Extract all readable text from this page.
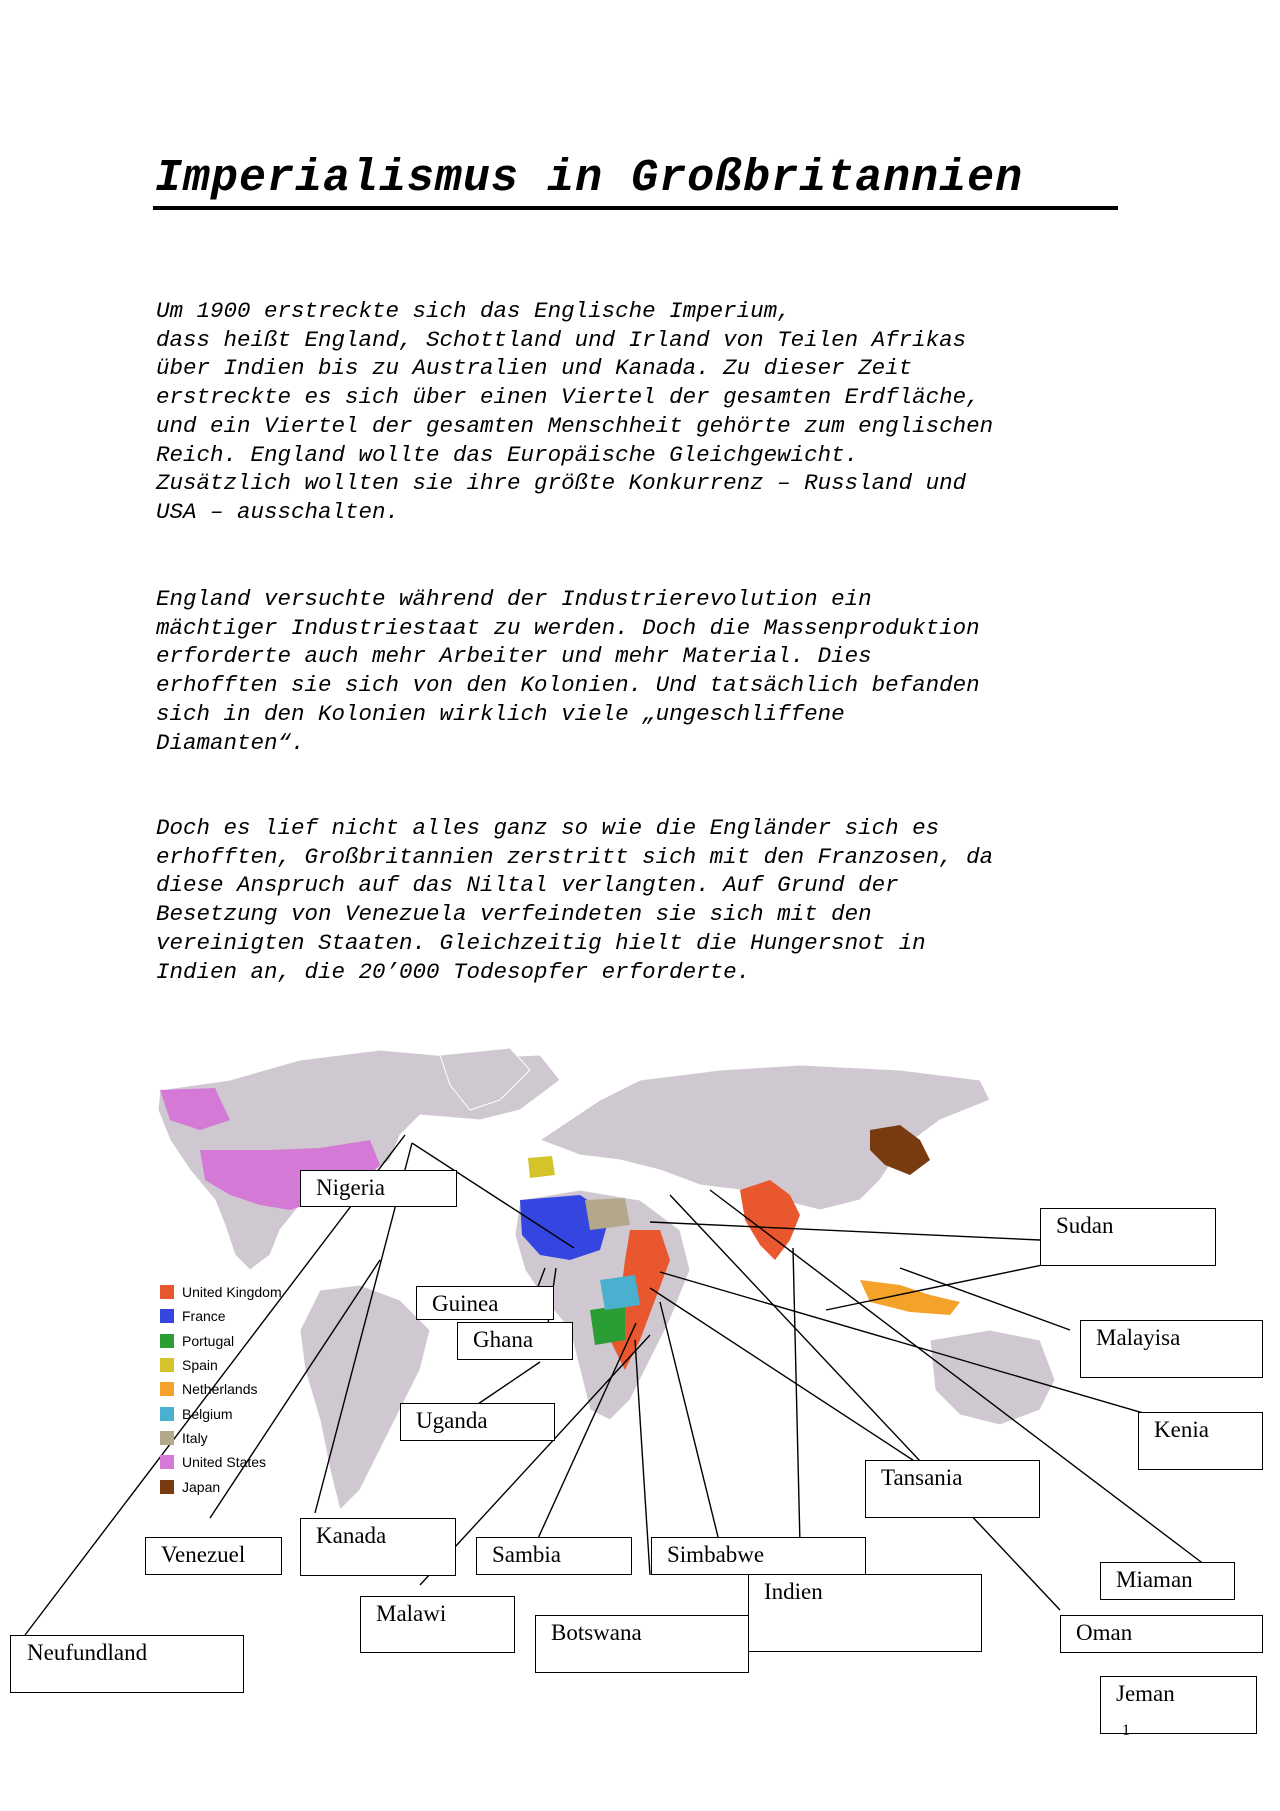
Imperialismus in Großbritannien
Um 1900 erstreckte sich das Englische Imperium,
dass heißt England, Schottland und Irland von Teilen Afrikas
über Indien bis zu Australien und Kanada. Zu dieser Zeit
erstreckte es sich über einen Viertel der gesamten Erdfläche,
und ein Viertel der gesamten Menschheit gehörte zum englischen
Reich. England wollte das Europäische Gleichgewicht.
Zusätzlich wollten sie ihre größte Konkurrenz – Russland und
USA – ausschalten.
England versuchte während der Industrierevolution ein
mächtiger Industriestaat zu werden. Doch die Massenproduktion
erforderte auch mehr Arbeiter und mehr Material. Dies
erhofften sie sich von den Kolonien. Und tatsächlich befanden
sich in den Kolonien wirklich viele „ungeschliffene
Diamanten“.
Doch es lief nicht alles ganz so wie die Engländer sich es
erhofften, Großbritannien zerstritt sich mit den Franzosen, da
diese Anspruch auf das Niltal verlangten. Auf Grund der
Besetzung von Venezuela verfeindeten sie sich mit den
vereinigten Staaten. Gleichzeitig hielt die Hungersnot in
Indien an, die 20’000 Todesopfer erforderte.
Nigeria
Sudan
Guinea
Ghana	Malayisa
Uganda	Kenia
Tansania
Venezuel
Kanada
Sambia	Simbabwe
Miaman
Indien
Malawi
Botswana	Oman
Neufundland
Jeman
United Kingdom
France
Portugal
Spain
Netherlands
Belgium
Italy
United States
Japan
1
